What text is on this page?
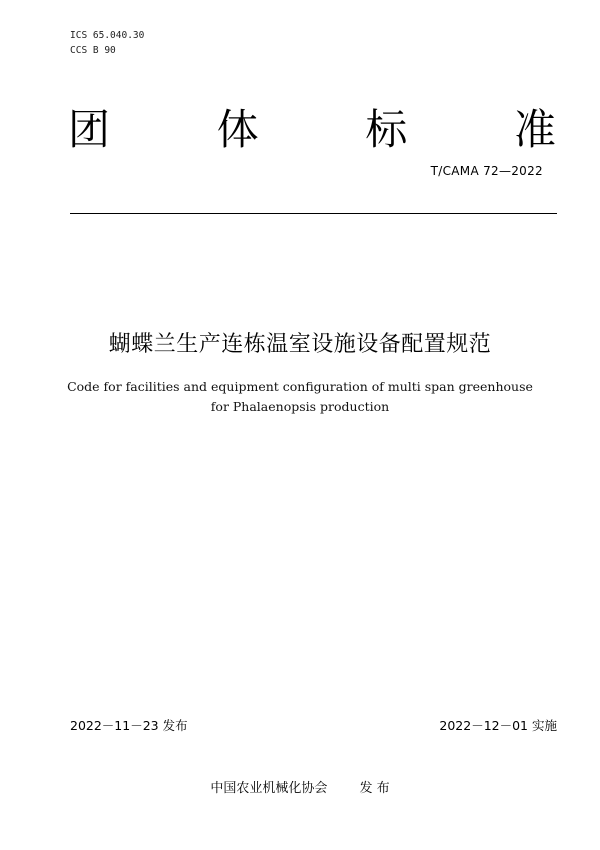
ICS 65.040.30
CCS B 90
团	体	标	准
T/CAMA 72—2022
蝴蝶兰生产连栋温室设施设备配置规范
Code for facilities and equipment configuration of multi span greenhouse
for Phalaenopsis production
2022－11－23 发布	2022－12－01 实施
中国农业机械化协会 发 布
